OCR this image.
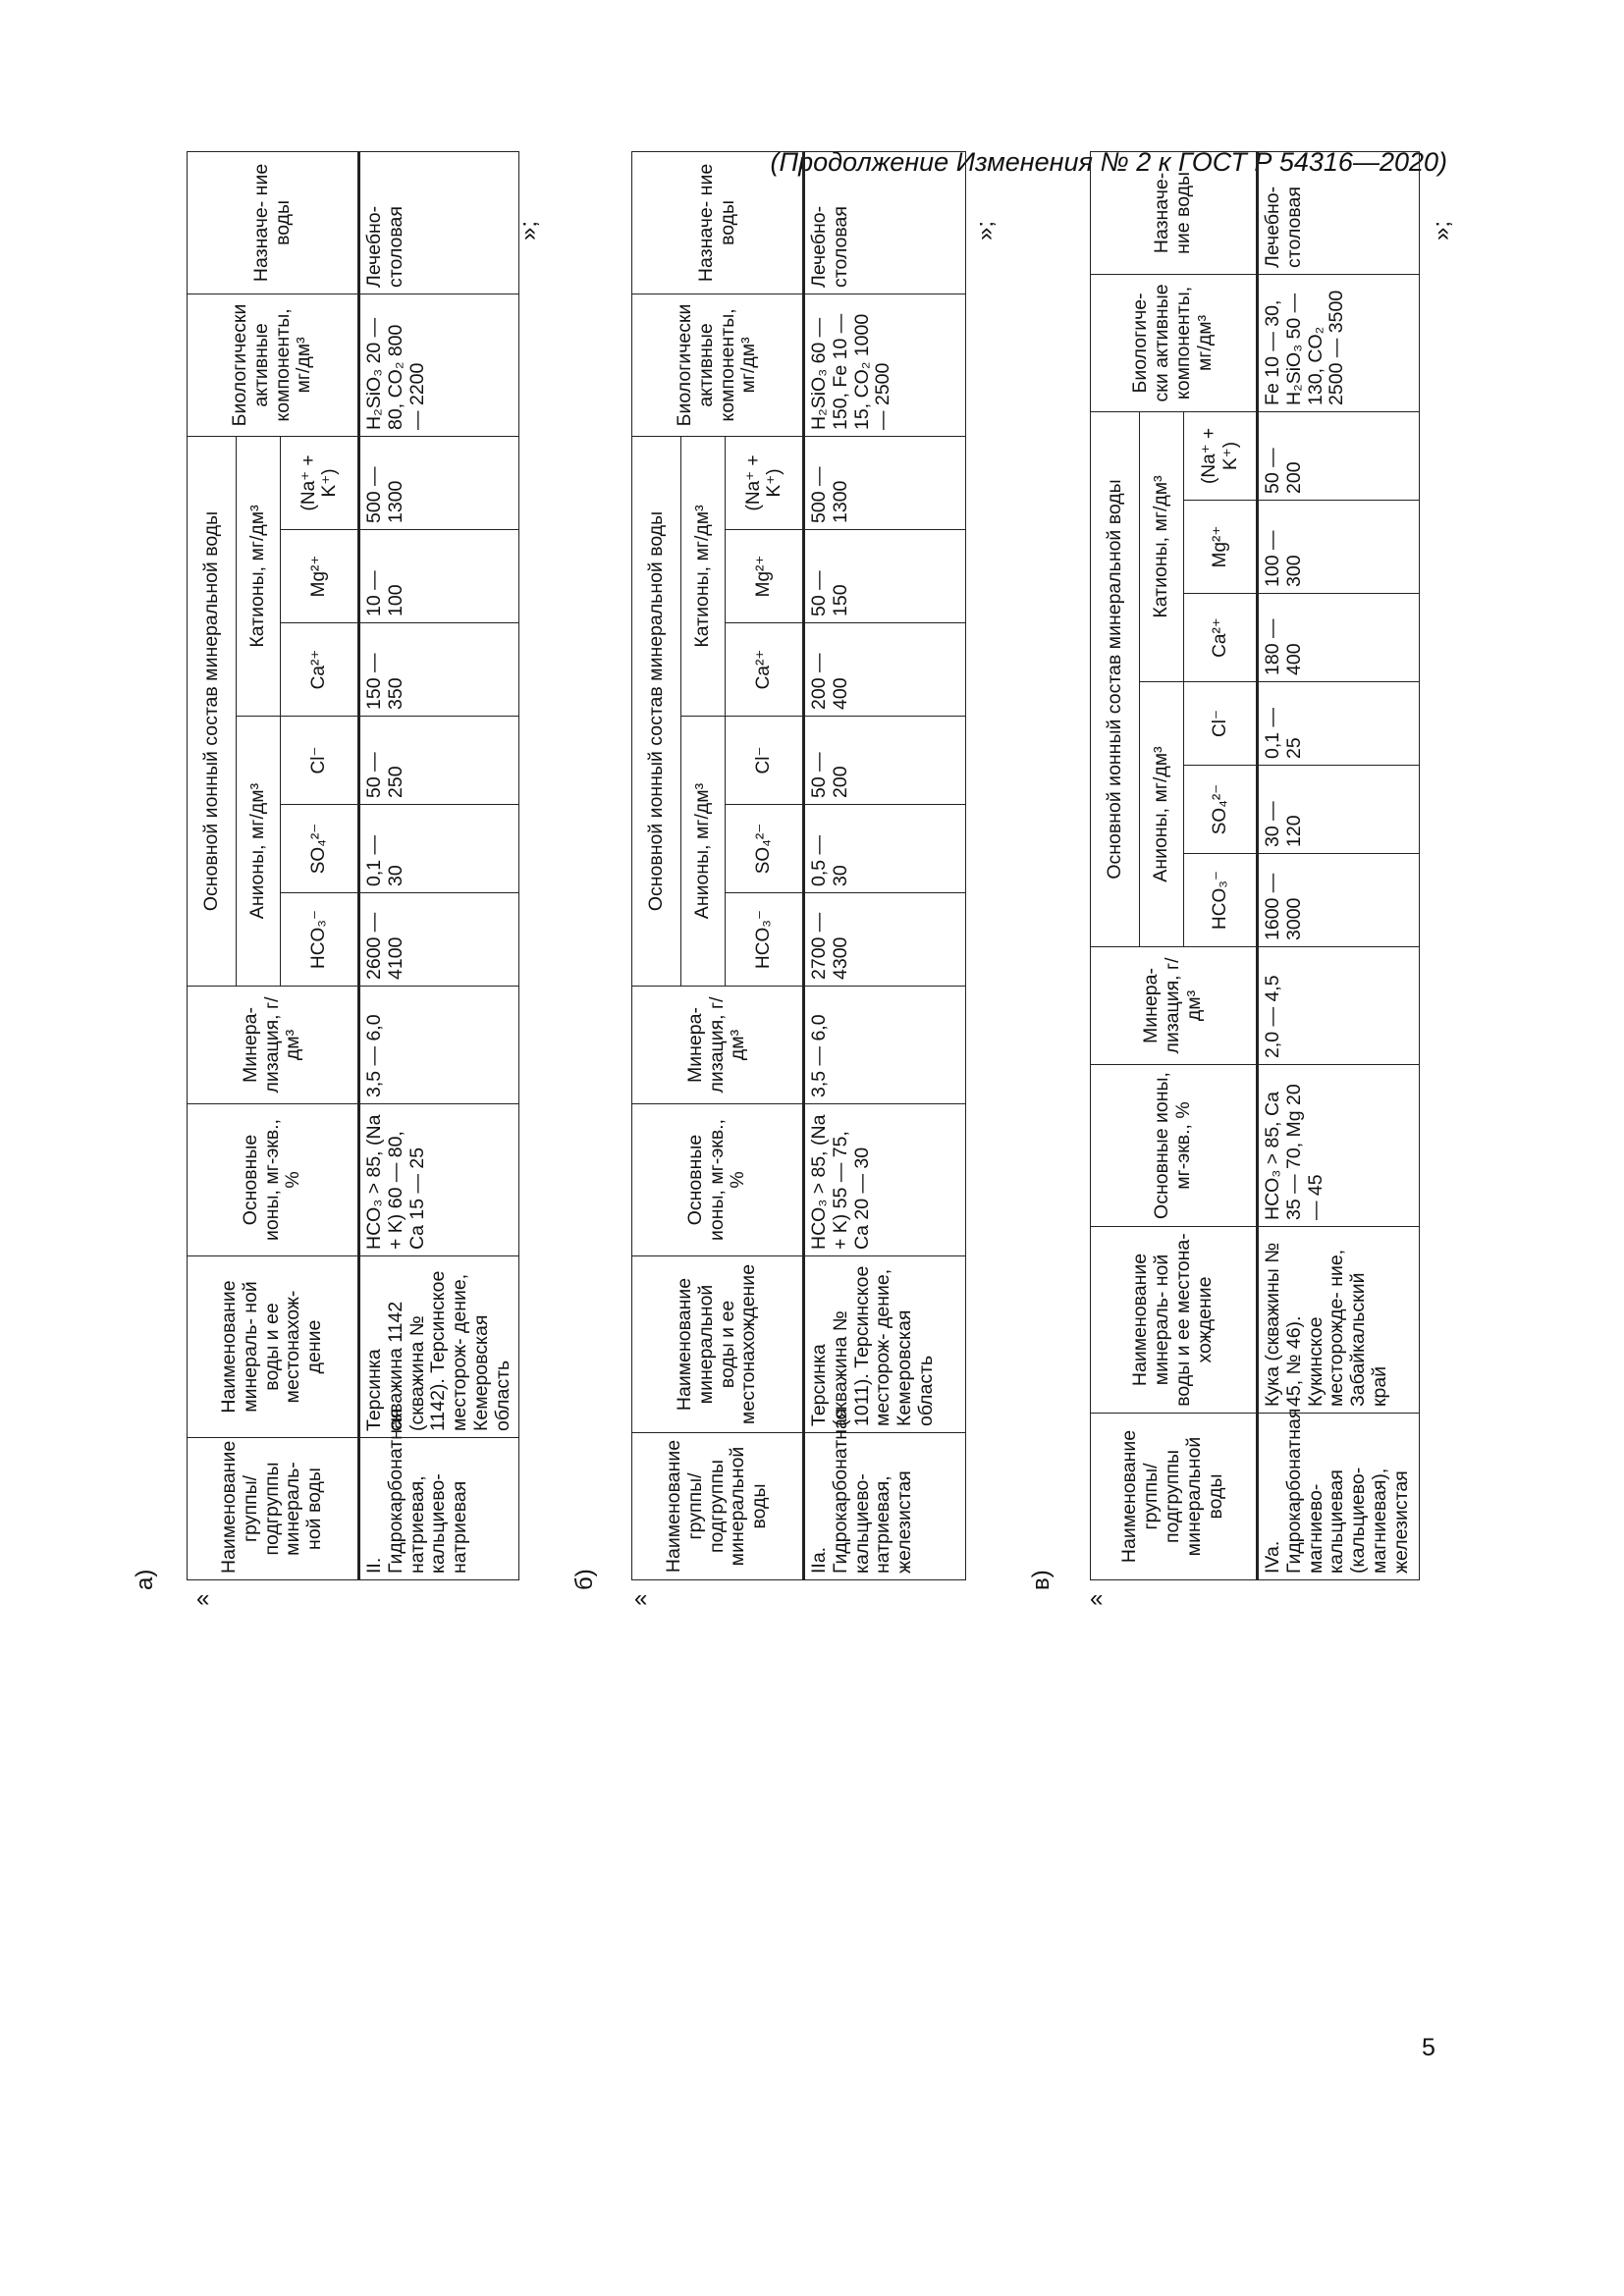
(Продолжение Изменения № 2 к ГОСТ Р 54316—2020)
а)
«
»;
Наименование группы/ подгруппы минераль- ной воды	Наименование минераль- ной воды и ее местонахож- дение	Основные ионы, мг-экв., %	Минера- лизация, г/дм³	Основной ионный состав минеральной воды						Биологически активные компоненты, мг/дм³	Назначе- ние воды
				Анионы, мг/дм³			Катионы, мг/дм³				
				HCO₃⁻	SO₄²⁻	Cl⁻	Ca²⁺	Mg²⁺	(Na⁺ + K⁺)		
II. Гидрокарбонатная натриевая, кальциево- натриевая	Терсинка скважина 1142 (скважина № 1142). Терсинское месторож- дение, Кемеровская область	HCO₃ > 85, (Na + K) 60 — 80, Ca 15 — 25	3,5 — 6,0	2600 — 4100	0,1 — 30	50 — 250	150 — 350	10 — 100	500 — 1300	H₂SiO₃ 20 — 80, CO₂ 800 — 2200	Лечебно- столовая
б)
«
»;
Наименование группы/ подгруппы минеральной воды	Наименование минеральной воды и ее местонахождение	Основные ионы, мг-экв., %	Минера- лизация, г/дм³	Основной ионный состав минеральной воды						Биологически активные компоненты, мг/дм³	Назначе- ние воды
				Анионы, мг/дм³			Катионы, мг/дм³				
				HCO₃⁻	SO₄²⁻	Cl⁻	Ca²⁺	Mg²⁺	(Na⁺ + K⁺)		
IIa. Гидрокарбонатная кальциево-натриевая, железистая	Терсинка (скважина № 1011). Терсинское месторож- дение, Кемеровская область	HCO₃ > 85, (Na + K) 55 — 75, Ca 20 — 30	3,5 — 6,0	2700 — 4300	0,5 — 30	50 — 200	200 — 400	50 — 150	500 — 1300	H₂SiO₃ 60 — 150, Fe 10 — 15, CO₂ 1000 — 2500	Лечебно- столовая
в)
«
»;
Наименование группы/ подгруппы минеральной воды	Наименование минераль- ной воды и ее местона- хождение	Основные ионы, мг-экв., %	Минера- лизация, г/дм³	Основной ионный состав минеральной воды						Биологиче- ски активные компоненты, мг/дм³	Назначе- ние воды
				Анионы, мг/дм³			Катионы, мг/дм³				
				HCO₃⁻	SO₄²⁻	Cl⁻	Ca²⁺	Mg²⁺	(Na⁺ + K⁺)		
IVa. Гидрокарбонатная магниево-кальциевая (кальциево-магниевая), железистая	Кука (скважины № 45, № 46). Кукинское месторожде- ние, Забайкальский край	HCO₃ > 85, Ca 35 — 70, Mg 20 — 45	2,0 — 4,5	1600 — 3000	30 — 120	0,1 — 25	180 — 400	100 — 300	50 — 200	Fe 10 — 30, H₂SiO₃ 50 — 130, CO₂ 2500 — 3500	Лечебно- столовая
5
